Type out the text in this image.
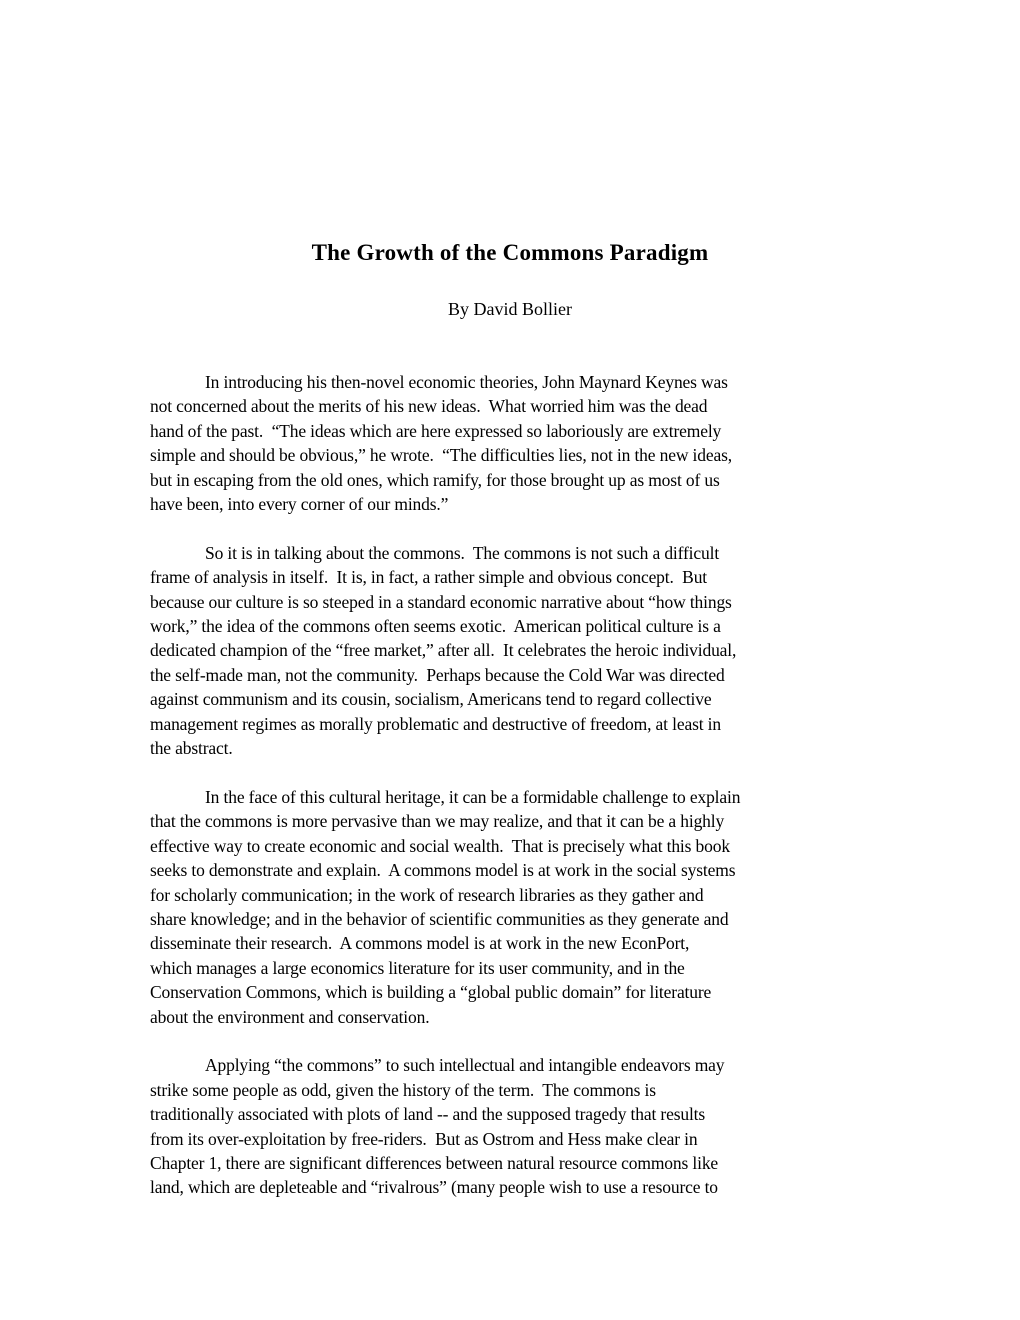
The Growth of the Commons Paradigm
By David Bollier
In introducing his then-novel economic theories, John Maynard Keynes was
not concerned about the merits of his new ideas.  What worried him was the dead
hand of the past.  “The ideas which are here expressed so laboriously are extremely
simple and should be obvious,” he wrote.  “The difficulties lies, not in the new ideas,
but in escaping from the old ones, which ramify, for those brought up as most of us
have been, into every corner of our minds.”
So it is in talking about the commons.  The commons is not such a difficult
frame of analysis in itself.  It is, in fact, a rather simple and obvious concept.  But
because our culture is so steeped in a standard economic narrative about “how things
work,” the idea of the commons often seems exotic.  American political culture is a
dedicated champion of the “free market,” after all.  It celebrates the heroic individual,
the self-made man, not the community.  Perhaps because the Cold War was directed
against communism and its cousin, socialism, Americans tend to regard collective
management regimes as morally problematic and destructive of freedom, at least in
the abstract.
In the face of this cultural heritage, it can be a formidable challenge to explain
that the commons is more pervasive than we may realize, and that it can be a highly
effective way to create economic and social wealth.  That is precisely what this book
seeks to demonstrate and explain.  A commons model is at work in the social systems
for scholarly communication; in the work of research libraries as they gather and
share knowledge; and in the behavior of scientific communities as they generate and
disseminate their research.  A commons model is at work in the new EconPort,
which manages a large economics literature for its user community, and in the
Conservation Commons, which is building a “global public domain” for literature
about the environment and conservation.
Applying “the commons” to such intellectual and intangible endeavors may
strike some people as odd, given the history of the term.  The commons is
traditionally associated with plots of land -- and the supposed tragedy that results
from its over-exploitation by free-riders.  But as Ostrom and Hess make clear in
Chapter 1, there are significant differences between natural resource commons like
land, which are depleteable and “rivalrous” (many people wish to use a resource to
